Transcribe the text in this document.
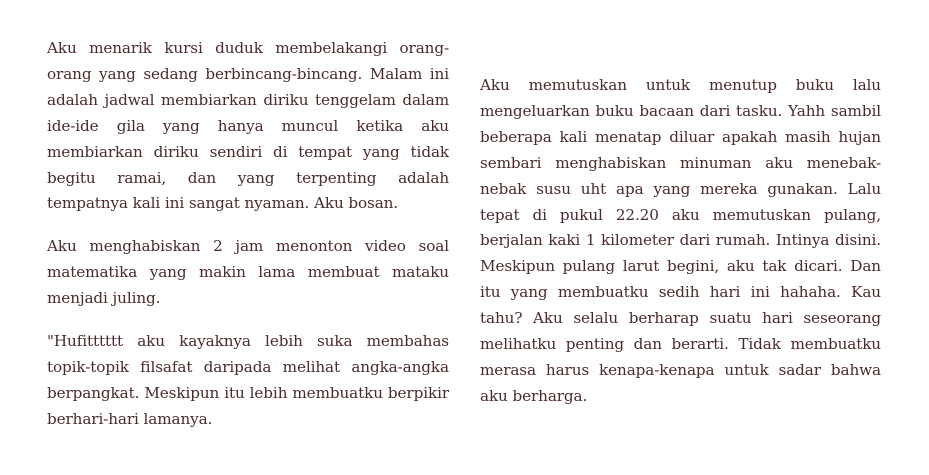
Aku menarik kursi duduk membelakangi orang-orang yang sedang berbincang-bincang. Malam ini adalah jadwal membiarkan diriku tenggelam dalam ide-ide gila yang hanya muncul ketika aku membiarkan diriku sendiri di tempat yang tidak begitu ramai, dan yang terpenting adalah tempatnya kali ini sangat nyaman. Aku bosan.

Aku menghabiskan 2 jam menonton video soal matematika yang makin lama membuat mataku menjadi juling.

"Hufitttttt aku kayaknya lebih suka membahas topik-topik filsafat daripada melihat angka-angka berpangkat. Meskipun itu lebih membuatku berpikir berhari-hari lamanya.

Aku memutuskan untuk menutup buku lalu mengeluarkan buku bacaan dari tasku. Yahh sambil beberapa kali menatap diluar apakah masih hujan sembari menghabiskan minuman aku menebak-nebak susu uht apa yang mereka gunakan. Lalu tepat di pukul 22.20 aku memutuskan pulang, berjalan kaki 1 kilometer dari rumah. Intinya disini. Meskipun pulang larut begini, aku tak dicari. Dan itu yang membuatku sedih hari ini hahaha. Kau tahu? Aku selalu berharap suatu hari seseorang melihatku penting dan berarti. Tidak membuatku merasa harus kenapa-kenapa untuk sadar bahwa aku berharga.
